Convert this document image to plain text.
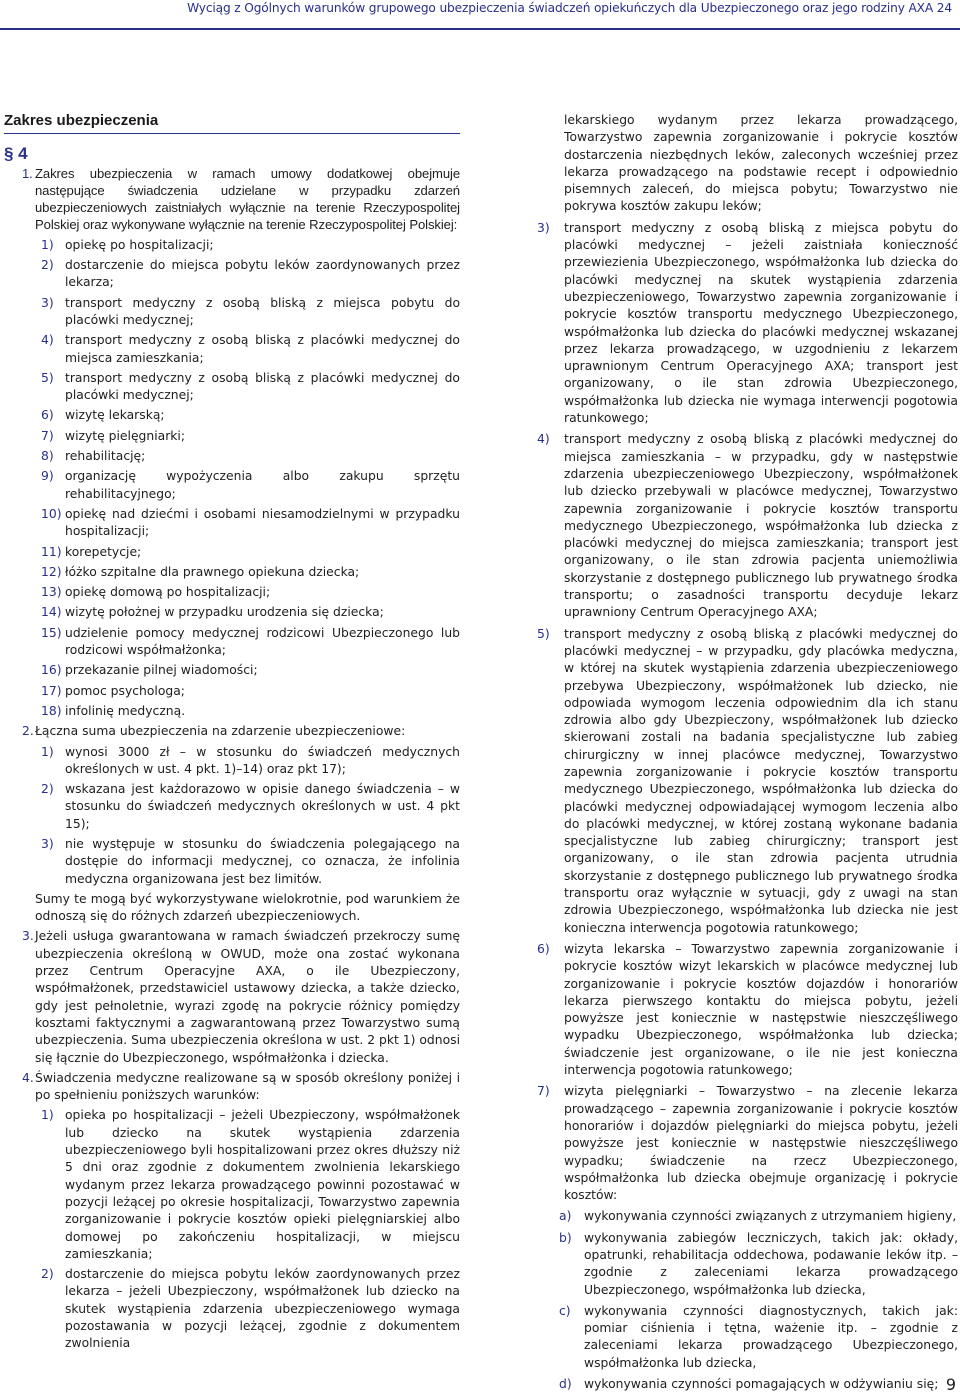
Wyciąg z Ogólnych warunków grupowego ubezpieczenia świadczeń opiekuńczych dla Ubezpieczonego oraz jego rodziny AXA 24
Zakres ubezpieczenia
§ 4
1. Zakres ubezpieczenia w ramach umowy dodatkowej obejmuje następujące świadczenia udzielane w przypadku zdarzeń ubezpieczeniowych zaistniałych wyłącznie na terenie Rzeczypospolitej Polskiej oraz wykonywane wyłącznie na terenie Rzeczypospolitej Polskiej:
1) opiekę po hospitalizacji;
2) dostarczenie do miejsca pobytu leków zaordynowanych przez lekarza;
3) transport medyczny z osobą bliską z miejsca pobytu do placówki medycznej;
4) transport medyczny z osobą bliską z placówki medycznej do miejsca zamieszkania;
5) transport medyczny z osobą bliską z placówki medycznej do placówki medycznej;
6) wizytę lekarską;
7) wizytę pielęgniarki;
8) rehabilitację;
9) organizację wypożyczenia albo zakupu sprzętu rehabilitacyjnego;
10) opiekę nad dziećmi i osobami niesamodzielnymi w przypadku hospitalizacji;
11) korepetycje;
12) łóżko szpitalne dla prawnego opiekuna dziecka;
13) opiekę domową po hospitalizacji;
14) wizytę położnej w przypadku urodzenia się dziecka;
15) udzielenie pomocy medycznej rodzicowi Ubezpieczonego lub rodzicowi współmałżonka;
16) przekazanie pilnej wiadomości;
17) pomoc psychologa;
18) infolinię medyczną.
2. Łączna suma ubezpieczenia na zdarzenie ubezpieczeniowe:
1) wynosi 3000 zł – w stosunku do świadczeń medycznych określonych w ust. 4 pkt. 1)–14) oraz pkt 17);
2) wskazana jest każdorazowo w opisie danego świadczenia – w stosunku do świadczeń medycznych określonych w ust. 4 pkt 15);
3) nie występuje w stosunku do świadczenia polegającego na dostępie do informacji medycznej, co oznacza, że infolinia medyczna organizowana jest bez limitów.
Sumy te mogą być wykorzystywane wielokrotnie, pod warunkiem że odnoszą się do różnych zdarzeń ubezpieczeniowych.
3. Jeżeli usługa gwarantowana w ramach świadczeń przekroczy sumę ubezpieczenia określoną w OWUD, może ona zostać wykonana przez Centrum Operacyjne AXA, o ile Ubezpieczony, współmałżonek, przedstawiciel ustawowy dziecka, a także dziecko, gdy jest pełnoletnie, wyrazi zgodę na pokrycie różnicy pomiędzy kosztami faktycznymi a zagwarantowaną przez Towarzystwo sumą ubezpieczenia. Suma ubezpieczenia określona w ust. 2 pkt 1) odnosi się łącznie do Ubezpieczonego, współmałżonka i dziecka.
4. Świadczenia medyczne realizowane są w sposób określony poniżej i po spełnieniu poniższych warunków:
1) opieka po hospitalizacji – jeżeli Ubezpieczony, współmałżonek lub dziecko na skutek wystąpienia zdarzenia ubezpieczeniowego byli hospitalizowani przez okres dłuższy niż 5 dni oraz zgodnie z dokumentem zwolnienia lekarskiego wydanym przez lekarza prowadzącego powinni pozostawać w pozycji leżącej po okresie hospitalizacji, Towarzystwo zapewnia zorganizowanie i pokrycie kosztów opieki pielęgniarskiej albo domowej po zakończeniu hospitalizacji, w miejscu zamieszkania;
2) dostarczenie do miejsca pobytu leków zaordynowanych przez lekarza – jeżeli Ubezpieczony, współmałżonek lub dziecko na skutek wystąpienia zdarzenia ubezpieczeniowego wymaga pozostawania w pozycji leżącej, zgodnie z dokumentem zwolnienia
lekarskiego wydanym przez lekarza prowadzącego, Towarzystwo zapewnia zorganizowanie i pokrycie kosztów dostarczenia niezbędnych leków, zaleconych wcześniej przez lekarza prowadzącego na podstawie recept i odpowiednio pisemnych zaleceń, do miejsca pobytu; Towarzystwo nie pokrywa kosztów zakupu leków;
3) transport medyczny z osobą bliską z miejsca pobytu do placówki medycznej – jeżeli zaistniała konieczność przewiezienia Ubezpieczonego, współmałżonka lub dziecka do placówki medycznej na skutek wystąpienia zdarzenia ubezpieczeniowego, Towarzystwo zapewnia zorganizowanie i pokrycie kosztów transportu medycznego Ubezpieczonego, współmałżonka lub dziecka do placówki medycznej wskazanej przez lekarza prowadzącego, w uzgodnieniu z lekarzem uprawnionym Centrum Operacyjnego AXA; transport jest organizowany, o ile stan zdrowia Ubezpieczonego, współmałżonka lub dziecka nie wymaga interwencji pogotowia ratunkowego;
4) transport medyczny z osobą bliską z placówki medycznej do miejsca zamieszkania – w przypadku, gdy w następstwie zdarzenia ubezpieczeniowego Ubezpieczony, współmałżonek lub dziecko przebywali w placówce medycznej, Towarzystwo zapewnia zorganizowanie i pokrycie kosztów transportu medycznego Ubezpieczonego, współmałżonka lub dziecka z placówki medycznej do miejsca zamieszkania; transport jest organizowany, o ile stan zdrowia pacjenta uniemożliwia skorzystanie z dostępnego publicznego lub prywatnego środka transportu; o zasadności transportu decyduje lekarz uprawniony Centrum Operacyjnego AXA;
5) transport medyczny z osobą bliską z placówki medycznej do placówki medycznej – w przypadku, gdy placówka medyczna, w której na skutek wystąpienia zdarzenia ubezpieczeniowego przebywa Ubezpieczony, współmałżonek lub dziecko, nie odpowiada wymogom leczenia odpowiednim dla ich stanu zdrowia albo gdy Ubezpieczony, współmałżonek lub dziecko skierowani zostali na badania specjalistyczne lub zabieg chirurgiczny w innej placówce medycznej, Towarzystwo zapewnia zorganizowanie i pokrycie kosztów transportu medycznego Ubezpieczonego, współmałżonka lub dziecka do placówki medycznej odpowiadającej wymogom leczenia albo do placówki medycznej, w której zostaną wykonane badania specjalistyczne lub zabieg chirurgiczny; transport jest organizowany, o ile stan zdrowia pacjenta utrudnia skorzystanie z dostępnego publicznego lub prywatnego środka transportu oraz wyłącznie w sytuacji, gdy z uwagi na stan zdrowia Ubezpieczonego, współmałżonka lub dziecka nie jest konieczna interwencja pogotowia ratunkowego;
6) wizyta lekarska – Towarzystwo zapewnia zorganizowanie i pokrycie kosztów wizyt lekarskich w placówce medycznej lub zorganizowanie i pokrycie kosztów dojazdów i honorariów lekarza pierwszego kontaktu do miejsca pobytu, jeżeli powyższe jest koniecznie w następstwie nieszczęśliwego wypadku Ubezpieczonego, współmałżonka lub dziecka; świadczenie jest organizowane, o ile nie jest konieczna interwencja pogotowia ratunkowego;
7) wizyta pielęgniarki – Towarzystwo – na zlecenie lekarza prowadzącego – zapewnia zorganizowanie i pokrycie kosztów honorariów i dojazdów pielęgniarki do miejsca pobytu, jeżeli powyższe jest koniecznie w następstwie nieszczęśliwego wypadku; świadczenie na rzecz Ubezpieczonego, współmałżonka lub dziecka obejmuje organizację i pokrycie kosztów:
a) wykonywania czynności związanych z utrzymaniem higieny,
b) wykonywania zabiegów leczniczych, takich jak: okłady, opatrunki, rehabilitacja oddechowa, podawanie leków itp. – zgodnie z zaleceniami lekarza prowadzącego Ubezpieczonego, współmałżonka lub dziecka,
c) wykonywania czynności diagnostycznych, takich jak: pomiar ciśnienia i tętna, ważenie itp. – zgodnie z zaleceniami lekarza prowadzącego Ubezpieczonego, współmałżonka lub dziecka,
d) wykonywania czynności pomagających w odżywianiu się; 9
